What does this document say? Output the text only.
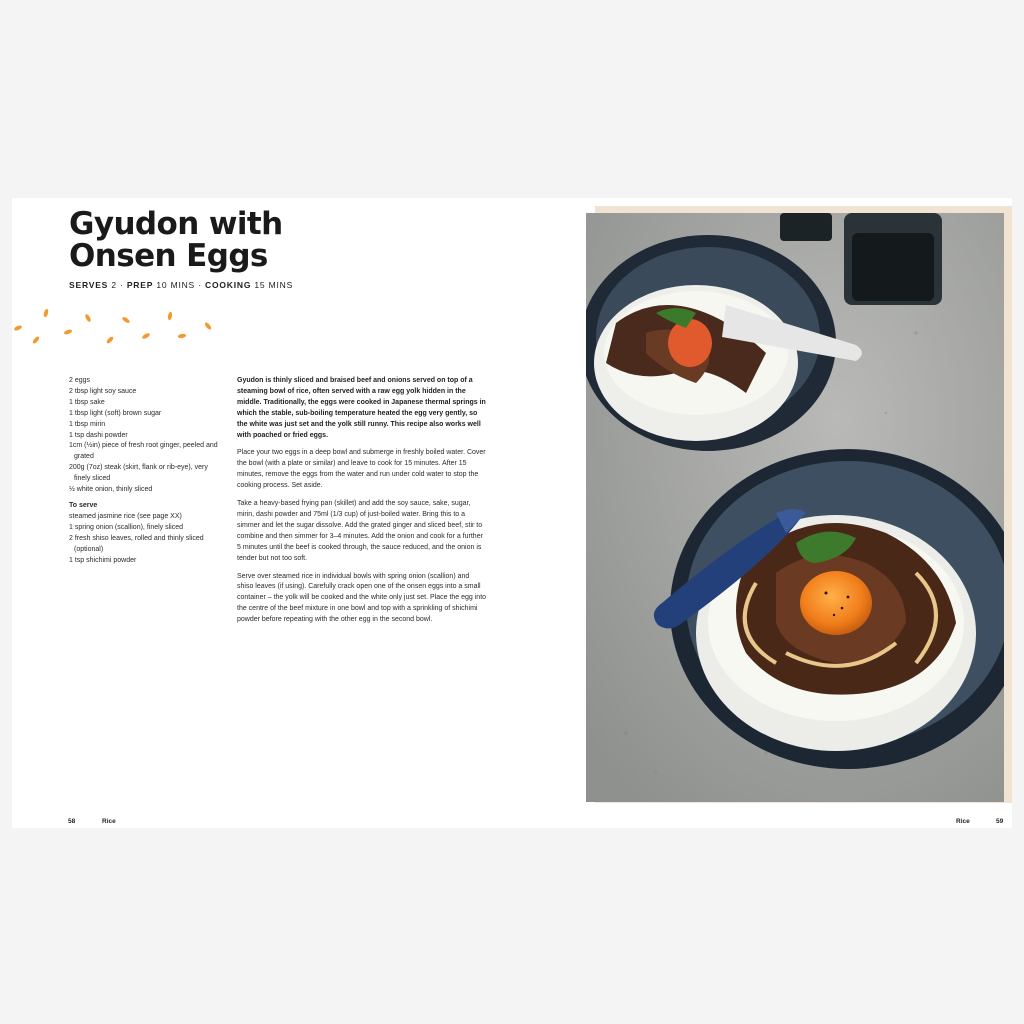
Gyudon with
Onsen Eggs
SERVES 2 · PREP 10 MINS · COOKING 15 MINS
2 eggs
2 tbsp light soy sauce
1 tbsp sake
1 tbsp light (soft) brown sugar
1 tbsp mirin
1 tsp dashi powder
1cm (½in) piece of fresh root ginger, peeled and grated
200g (7oz) steak (skirt, flank or rib-eye), very finely sliced
½ white onion, thinly sliced
To serve
steamed jasmine rice (see page XX)
1 spring onion (scallion), finely sliced
2 fresh shiso leaves, rolled and thinly sliced (optional)
1 tsp shichimi powder

Gyudon is thinly sliced and braised beef and onions served on top of a steaming bowl of rice, often served with a raw egg yolk hidden in the middle. Traditionally, the eggs were cooked in Japanese thermal springs in which the stable, sub-boiling temperature heated the egg very gently, so the white was just set and the yolk still runny. This recipe also works well with poached or fried eggs.

Place your two eggs in a deep bowl and submerge in freshly boiled water. Cover the bowl (with a plate or similar) and leave to cook for 15 minutes. After 15 minutes, remove the eggs from the water and run under cold water to stop the cooking process. Set aside.

Take a heavy-based frying pan (skillet) and add the soy sauce, sake, sugar, mirin, dashi powder and 75ml (1/3 cup) of just-boiled water. Bring this to a simmer and let the sugar dissolve. Add the grated ginger and sliced beef, stir to combine and then simmer for 3–4 minutes. Add the onion and cook for a further 5 minutes until the beef is cooked through, the sauce reduced, and the onion is tender but not too soft.

Serve over steamed rice in individual bowls with spring onion (scallion) and shiso leaves (if using). Carefully crack open one of the onsen eggs into a small container – the yolk will be cooked and the white only just set. Place the egg into the centre of the beef mixture in one bowl and top with a sprinkling of shichimi powder before repeating with the other egg in the second bowl.

58	Rice	Rice	59
